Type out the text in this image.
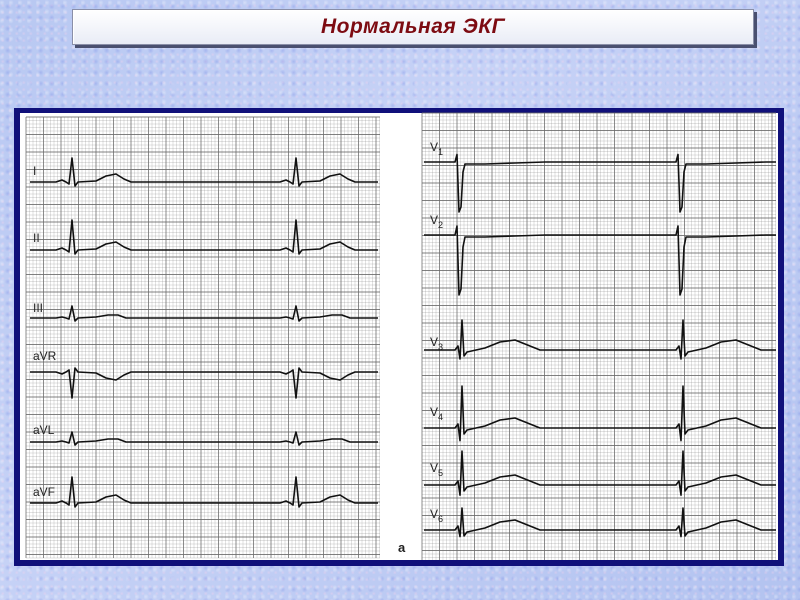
Нормальная ЭКГ
I
II
III
aVR
aVL
aVF
$V_1$
$V_2$
$V_3$
$V_4$
$V_5$
$V_6$
a
